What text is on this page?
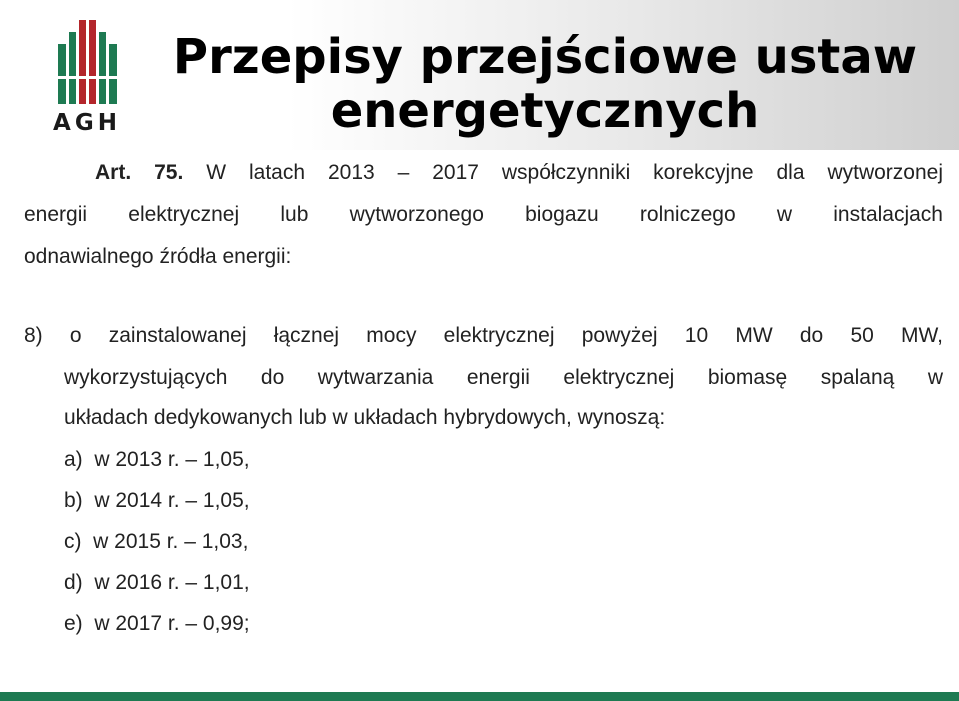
AGH
Przepisy przejściowe ustaw
energetycznych
Art. 75. W latach 2013 – 2017 współczynniki korekcyjne dla wytworzonej
energii elektrycznej lub wytworzonego biogazu rolniczego w instalacjach
odnawialnego źródła energii:
8) o zainstalowanej łącznej mocy elektrycznej powyżej 10 MW do 50 MW,
wykorzystujących do wytwarzania energii elektrycznej biomasę spalaną w
układach dedykowanych lub w układach hybrydowych, wynoszą:
a)  w 2013 r. – 1,05,
b)  w 2014 r. – 1,05,
c)  w 2015 r. – 1,03,
d)  w 2016 r. – 1,01,
e)  w 2017 r. – 0,99;
